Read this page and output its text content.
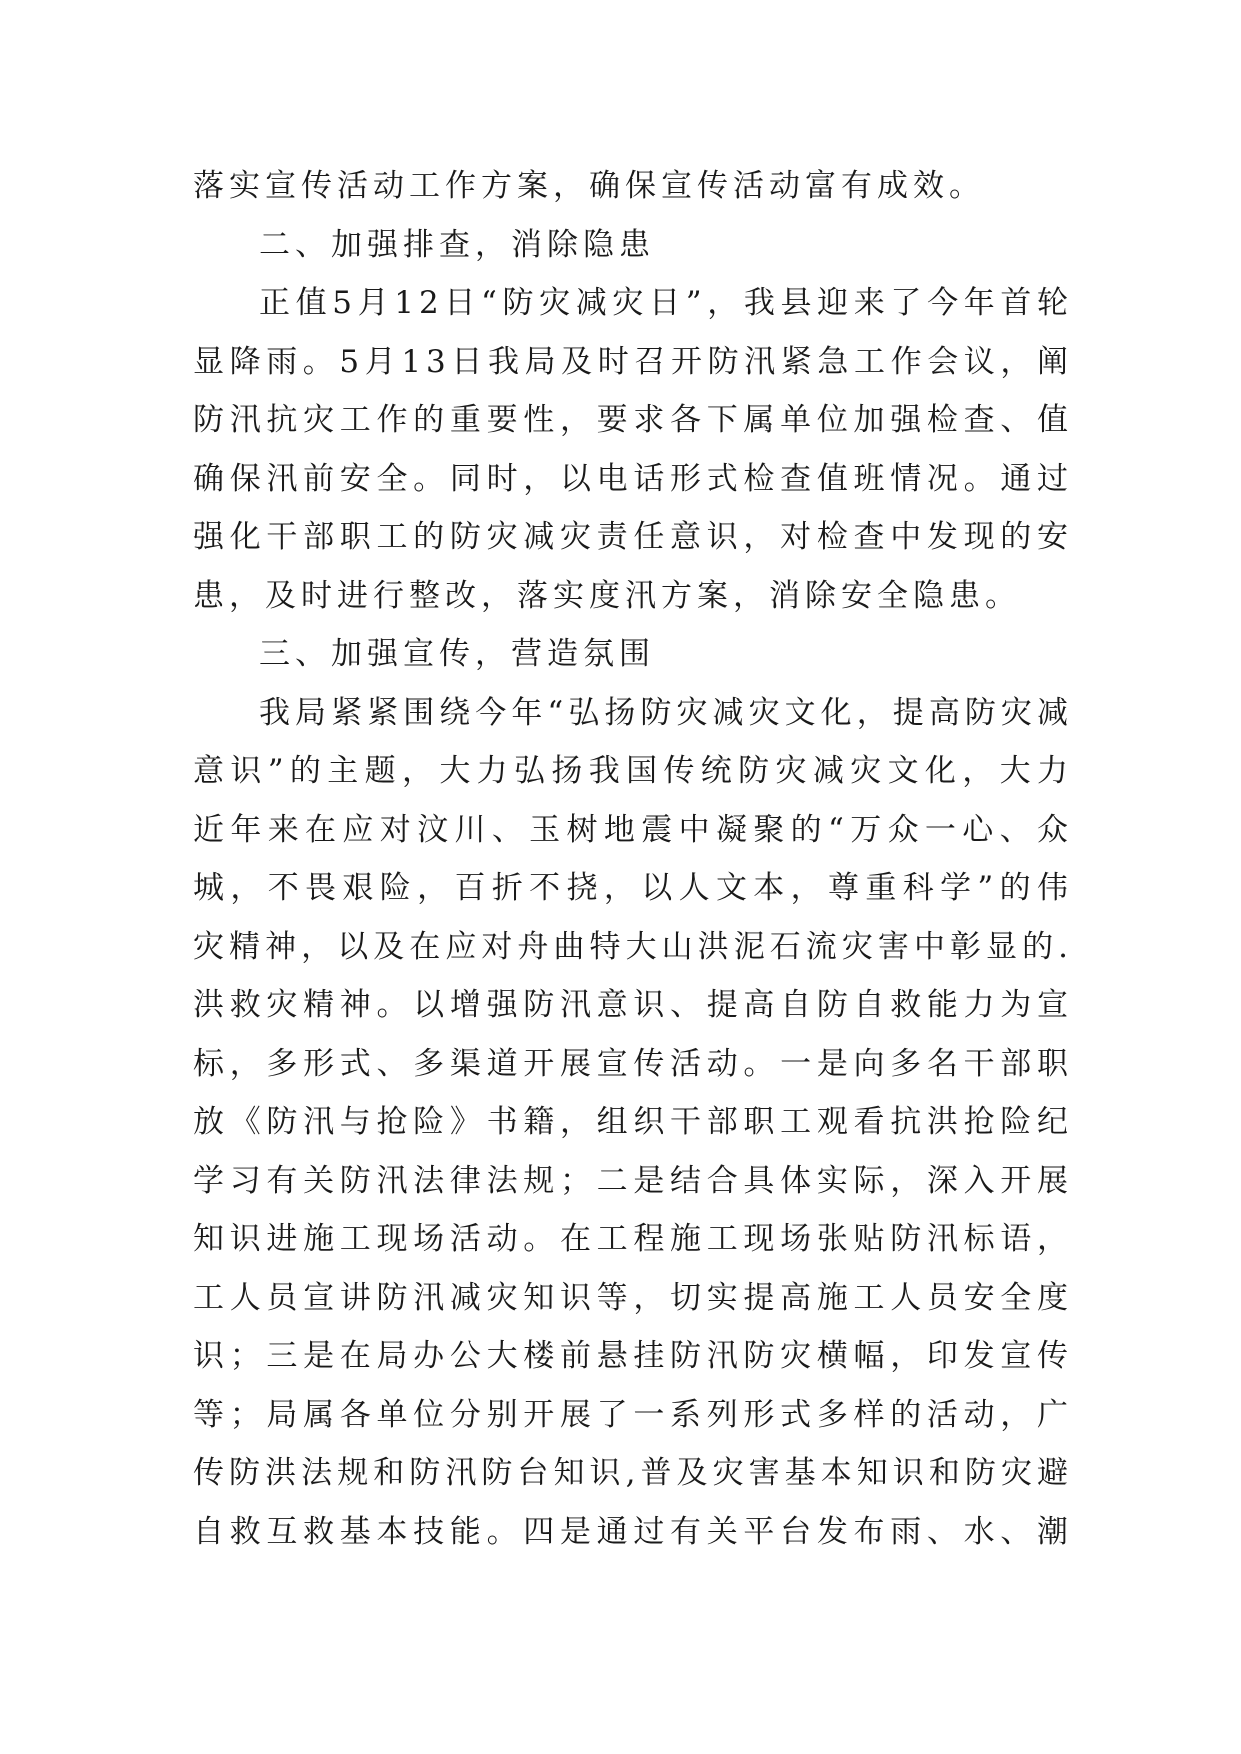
落实宣传活动工作方案，确保宣传活动富有成效。
二、加强排查，消除隐患
正值5月12日“防灾减灾日”，我县迎来了今年首轮
显降雨。5月13日我局及时召开防汛紧急工作会议，阐
防汛抗灾工作的重要性，要求各下属单位加强检查、值
确保汛前安全。同时，以电话形式检查值班情况。通过
强化干部职工的防灾减灾责任意识，对检查中发现的安
患，及时进行整改，落实度汛方案，消除安全隐患。
三、加强宣传，营造氛围
我局紧紧围绕今年“弘扬防灾减灾文化，提高防灾减
意识”的主题，大力弘扬我国传统防灾减灾文化，大力
近年来在应对汶川、玉树地震中凝聚的“万众一心、众
城，不畏艰险，百折不挠，以人文本，尊重科学”的伟
灾精神，以及在应对舟曲特大山洪泥石流灾害中彰显的.
洪救灾精神。以增强防汛意识、提高自防自救能力为宣
标，多形式、多渠道开展宣传活动。一是向多名干部职
放《防汛与抢险》书籍，组织干部职工观看抗洪抢险纪
学习有关防汛法律法规；二是结合具体实际，深入开展
知识进施工现场活动。在工程施工现场张贴防汛标语，
工人员宣讲防汛减灾知识等，切实提高施工人员安全度
识；三是在局办公大楼前悬挂防汛防灾横幅，印发宣传
等；局属各单位分别开展了一系列形式多样的活动，广
传防洪法规和防汛防台知识,普及灾害基本知识和防灾避
自救互救基本技能。四是通过有关平台发布雨、水、潮
